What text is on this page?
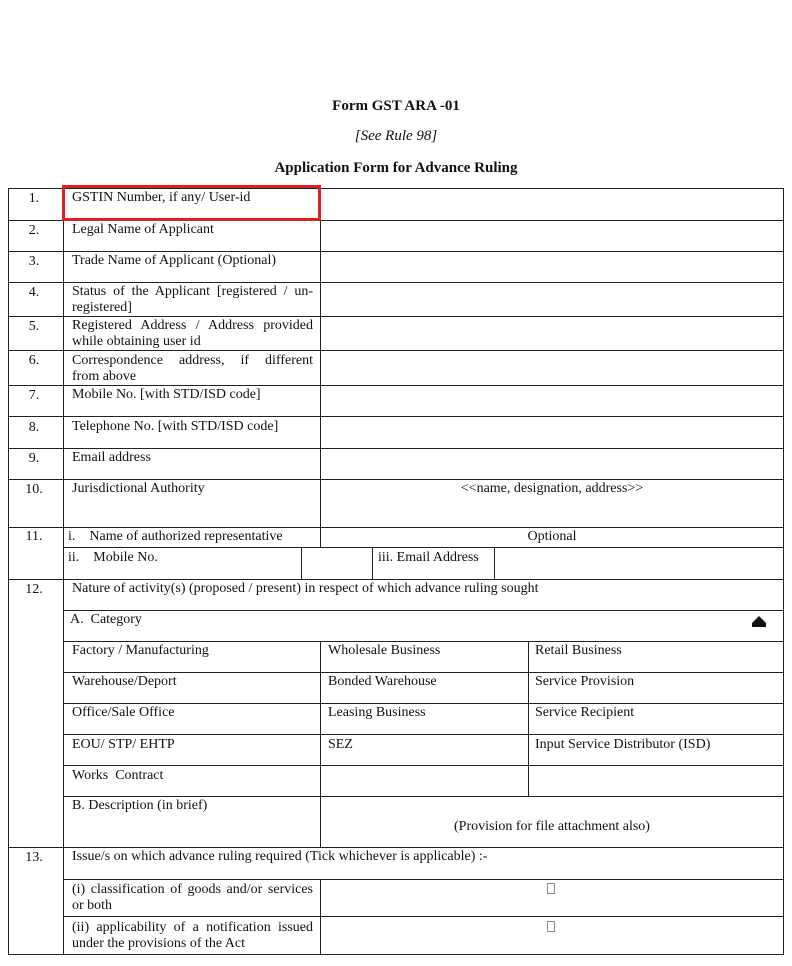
Form GST ARA -01
[See Rule 98]
Application Form for Advance Ruling
1.	GSTIN Number, if any/ User-id
2.	Legal Name of Applicant
3.	Trade Name of Applicant (Optional)
4.	Status of the Applicant [registered / un-
registered]
5.	Registered Address / Address provided
while obtaining user id
6.	Correspondence address, if different
from above
7.	Mobile No. [with STD/ISD code]
8.	Telephone No. [with STD/ISD code]
9.	Email address
10.	Jurisdictional Authority	<<name, designation, address>>
11.	i.    Name of authorized representative	Optional
ii.    Mobile No.	iii. Email Address
12.	Nature of activity(s) (proposed / present) in respect of which advance ruling sought
A.  Category
Factory / Manufacturing	Wholesale Business	Retail Business
Warehouse/Deport	Bonded Warehouse	Service Provision
Office/Sale Office	Leasing Business	Service Recipient
EOU/ STP/ EHTP	SEZ	Input Service Distributor (ISD)
Works  Contract
B. Description (in brief)
(Provision for file attachment also)
13.	Issue/s on which advance ruling required (Tick whichever is applicable) :-
(i) classification of goods and/or services
or both
(ii) applicability of a notification issued
under the provisions of the Act
